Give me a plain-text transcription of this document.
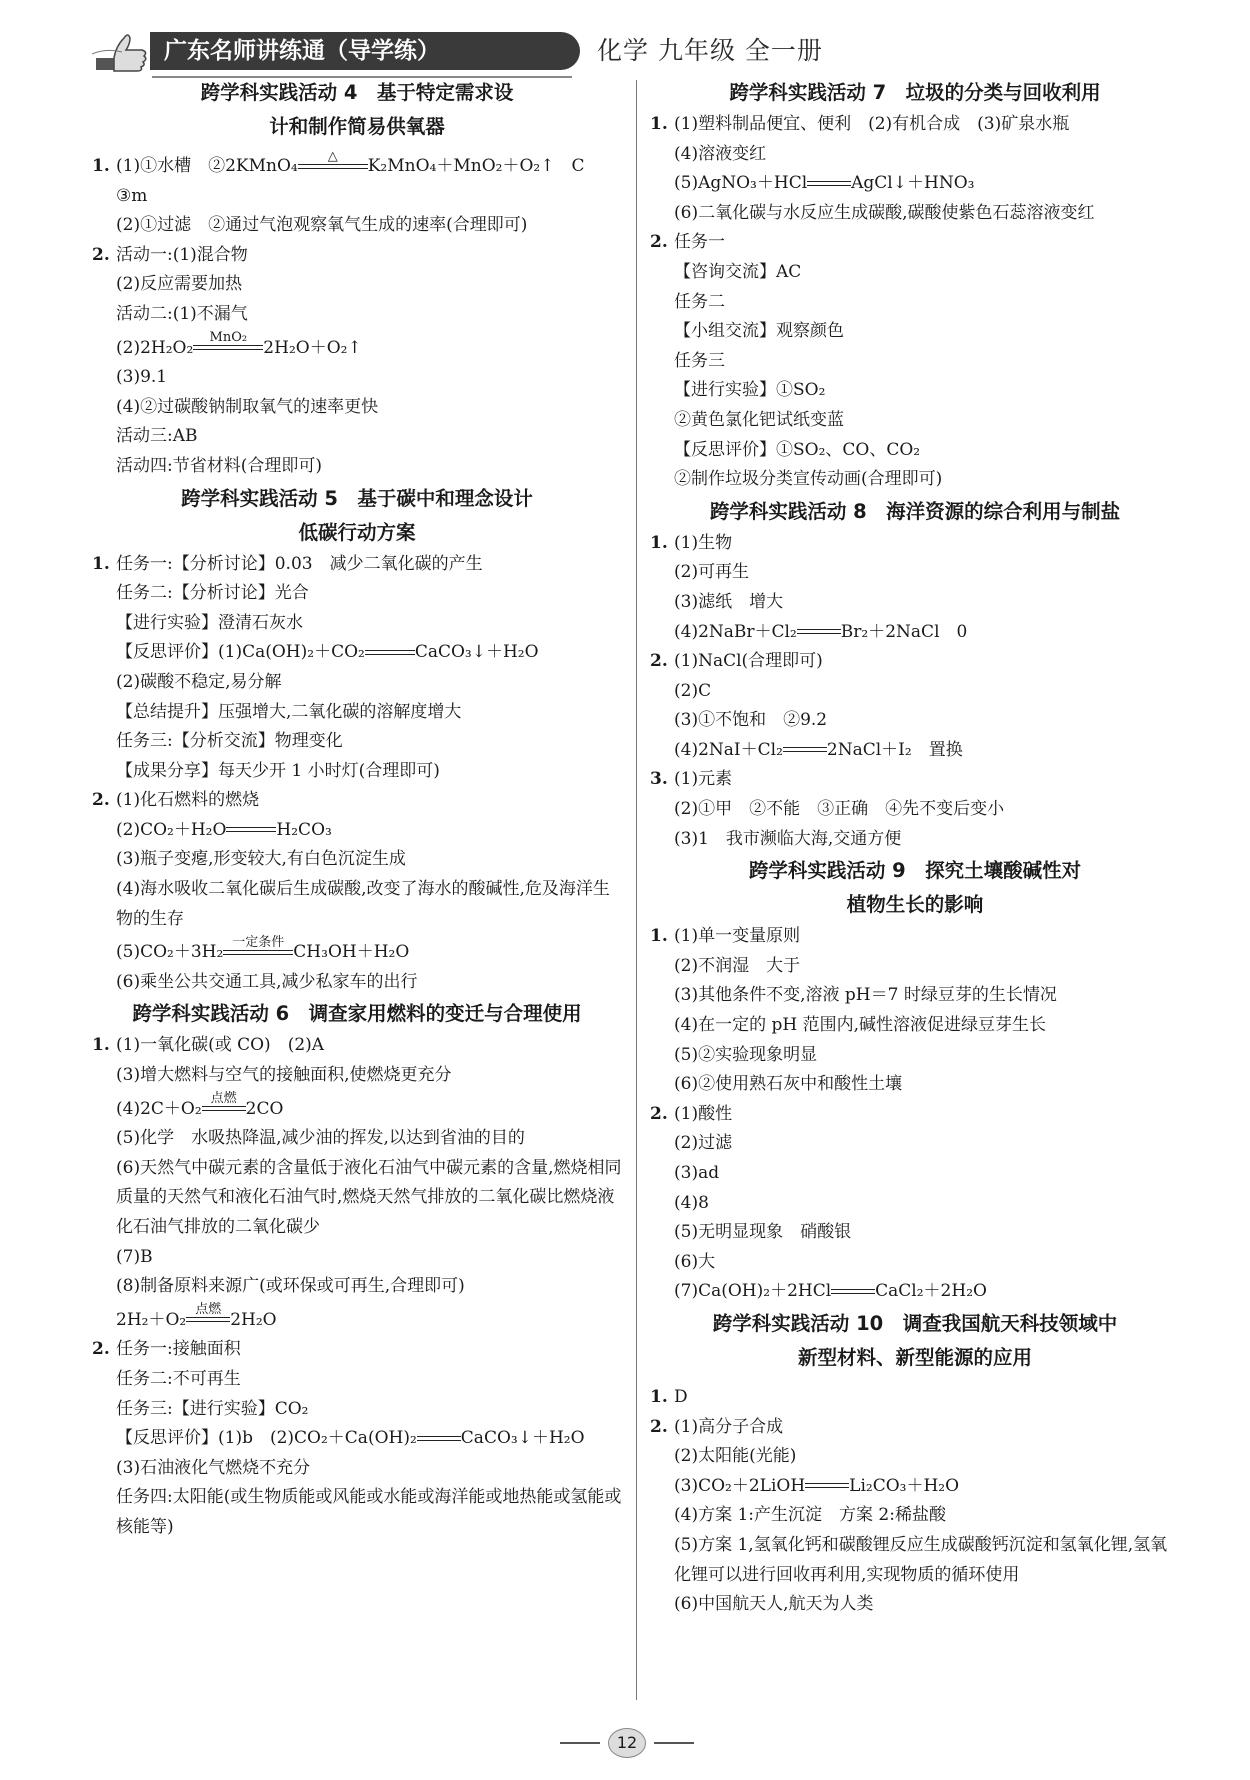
广东名师讲练通（导学练）	化学 九年级 全一册
跨学科实践活动 4　基于特定需求设
计和制作简易供氧器

1. (1)①水槽　②2KMnO₄	△	K₂MnO₄＋MnO₂＋O₂↑　C

③m

(2)①过滤　②通过气泡观察氧气生成的速率(合理即可)

2. 活动一:(1)混合物

(2)反应需要加热

活动二:(1)不漏气

(2)2H₂O₂	MnO₂ 2H₂O＋O₂↑

(3)9.1

(4)②过碳酸钠制取氧气的速率更快

活动三:AB

活动四:节省材料(合理即可)

跨学科实践活动 5　基于碳中和理念设计
低碳行动方案

1. 任务一:【分析讨论】0.03　减少二氧化碳的产生

任务二:【分析讨论】光合

【进行实验】澄清石灰水

【反思评价】(1)Ca(OH)₂＋CO₂	CaCO₃↓＋H₂O

(2)碳酸不稳定,易分解

【总结提升】压强增大,二氧化碳的溶解度增大

任务三:【分析交流】物理变化

【成果分享】每天少开 1 小时灯(合理即可)

2. (1)化石燃料的燃烧

(2)CO₂＋H₂O	H₂CO₃

(3)瓶子变瘪,形变较大,有白色沉淀生成

(4)海水吸收二氧化碳后生成碳酸,改变了海水的酸碱性,危及海洋生物的生存

(5)CO₂＋3H₂ 一定条件 CH₃OH＋H₂O

(6)乘坐公共交通工具,减少私家车的出行

跨学科实践活动 6　调查家用燃料的变迁与合理使用

1. (1)一氧化碳(或 CO)　(2)A

(3)增大燃料与空气的接触面积,使燃烧更充分

(4)2C＋O₂ 点燃 2CO

(5)化学　水吸热降温,减少油的挥发,以达到省油的目的

(6)天然气中碳元素的含量低于液化石油气中碳元素的含量,燃烧相同质量的天然气和液化石油气时,燃烧天然气排放的二氧化碳比燃烧液化石油气排放的二氧化碳少

(7)B

(8)制备原料来源广(或环保或可再生,合理即可)

2H₂＋O₂ 点燃 2H₂O

2. 任务一:接触面积

任务二:不可再生

任务三:【进行实验】CO₂

【反思评价】(1)b　(2)CO₂＋Ca(OH)₂	CaCO₃↓＋H₂O

(3)石油液化气燃烧不充分

任务四:太阳能(或生物质能或风能或水能或海洋能或地热能或氢能或核能等)

跨学科实践活动 7　垃圾的分类与回收利用

1. (1)塑料制品便宜、便利　(2)有机合成　(3)矿泉水瓶

(4)溶液变红

(5)AgNO₃＋HCl	AgCl↓＋HNO₃

(6)二氧化碳与水反应生成碳酸,碳酸使紫色石蕊溶液变红

2. 任务一

【咨询交流】AC

任务二

【小组交流】观察颜色

任务三

【进行实验】①SO₂

②黄色氯化钯试纸变蓝

【反思评价】①SO₂、CO、CO₂

②制作垃圾分类宣传动画(合理即可)

跨学科实践活动 8　海洋资源的综合利用与制盐

1. (1)生物

(2)可再生

(3)滤纸　增大

(4)2NaBr＋Cl₂	Br₂＋2NaCl　0

2. (1)NaCl(合理即可)

(2)C

(3)①不饱和　②9.2

(4)2NaI＋Cl₂	2NaCl＋I₂　置换

3. (1)元素

(2)①甲　②不能　③正确　④先不变后变小

(3)1　我市濒临大海,交通方便

跨学科实践活动 9　探究土壤酸碱性对
植物生长的影响

1. (1)单一变量原则

(2)不润湿　大于

(3)其他条件不变,溶液 pH＝7 时绿豆芽的生长情况

(4)在一定的 pH 范围内,碱性溶液促进绿豆芽生长

(5)②实验现象明显

(6)②使用熟石灰中和酸性土壤

2. (1)酸性

(2)过滤

(3)ad

(4)8

(5)无明显现象　硝酸银

(6)大

(7)Ca(OH)₂＋2HCl	CaCl₂＋2H₂O

跨学科实践活动 10　调查我国航天科技领域中
新型材料、新型能源的应用

1. D

2. (1)高分子合成

(2)太阳能(光能)

(3)CO₂＋2LiOH	Li₂CO₃＋H₂O

(4)方案 1:产生沉淀　方案 2:稀盐酸

(5)方案 1,氢氧化钙和碳酸锂反应生成碳酸钙沉淀和氢氧化锂,氢氧化锂可以进行回收再利用,实现物质的循环使用

(6)中国航天人,航天为人类

12
